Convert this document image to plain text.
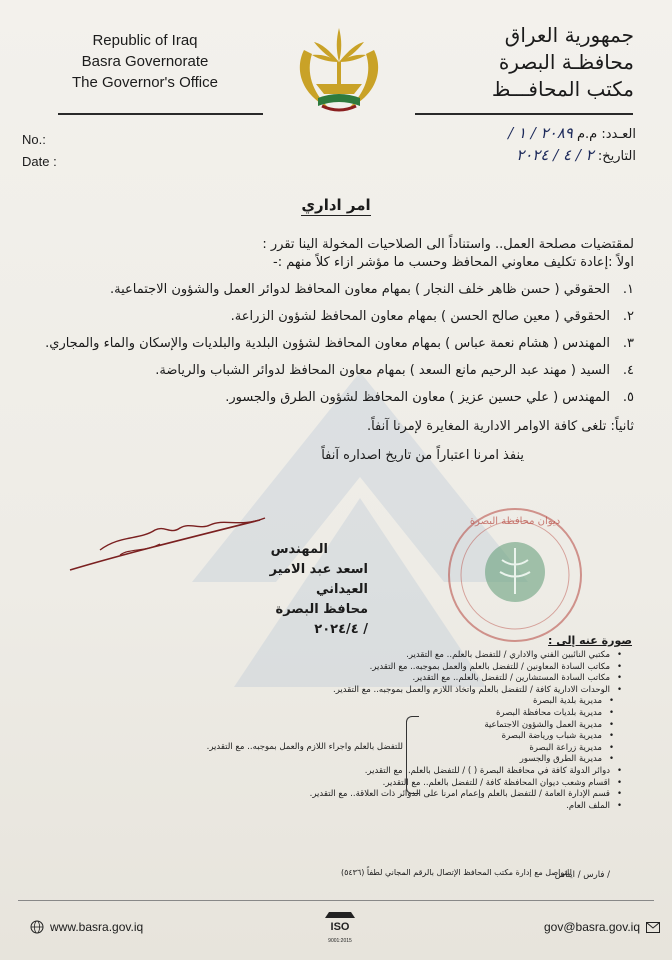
Republic of Iraq
Basra Governorate
The Governor's Office
جمهورية العراق
محافظـة البصرة
مكتب المحافـــظ
No.:
Date :
العـدد: م.م ٢٠٨٩ / ١ /
التاريخ: ٢ / ٤ / ٢٠٢٤
امر اداري
لمقتضيات مصلحة العمل.. واستناداً الى الصلاحيات المخولة الينا تقرر :
اولاً :إعادة تكليف معاوني المحافظ وحسب ما مؤشر ازاء كلاً منهم :-
١.
الحقوقي ( حسن ظاهر خلف النجار ) بمهام معاون المحافظ لدوائر العمل والشؤون الاجتماعية.
٢.
الحقوقي ( معين صالح الحسن ) بمهام معاون المحافظ لشؤون الزراعة.
٣.
المهندس ( هشام نعمة عباس ) بمهام معاون المحافظ لشؤون البلدية والبلديات والإسكان والماء والمجاري.
٤.
السيد ( مهند عبد الرحيم مانع السعد ) بمهام معاون المحافظ لدوائر الشباب والرياضة.
٥.
المهندس ( علي حسين عزيز ) معاون المحافظ لشؤون الطرق والجسور.
ثانياً: تلغى كافة الاوامر الادارية المغايرة لإمرنا آنفاً.
ينفذ امرنا اعتباراً من تاريخ اصداره آنفاً
المهندس
اسعد عبد الامير العيداني
محافظ البصرة
/ ٢٠٢٤/٤
ديوان محافظة البصرة
صورة عنه إلى :
• مكتبي النائبين الفني والاداري / للتفضل بالعلم.. مع التقدير.
• مكاتب السادة المعاونين / للتفضل بالعلم والعمل بموجبه.. مع التقدير.
• مكاتب السادة المستشارين / للتفضل بالعلم.. مع التقدير.
• الوحدات الادارية كافة / للتفضل بالعلم واتخاذ اللازم والعمل بموجبه.. مع التقدير.
• مديرية بلدية البصرة
• مديرية بلديات محافظة البصرة
• مديرية العمل والشؤون الاجتماعية
• مديرية شباب ورياضة البصرة
• مديرية زراعة البصرة
• مديرية الطرق والجسور
• دوائر الدولة كافة في محافظة البصرة ( ) / للتفضل بالعلم.. مع التقدير.
• اقسام وشعب ديوان المحافظة كافة / للتفضل بالعلم.. مع التقدير.
• قسم الإدارة العامة / للتفضل بالعلم وإعمام امرنا على الدوائر ذات العلاقة.. مع التقدير.
• الملف العام.
للتفضل بالعلم واجراء اللازم والعمل بموجبه.. مع التقدير.
للتواصل مع إدارة مكتب المحافظ الإتصال بالرقم المجاني لطفاً (٥٤٣٦)
/ فارس / ايناس
www.basra.gov.iq	ISO
9001:2015
gov@basra.gov.iq
